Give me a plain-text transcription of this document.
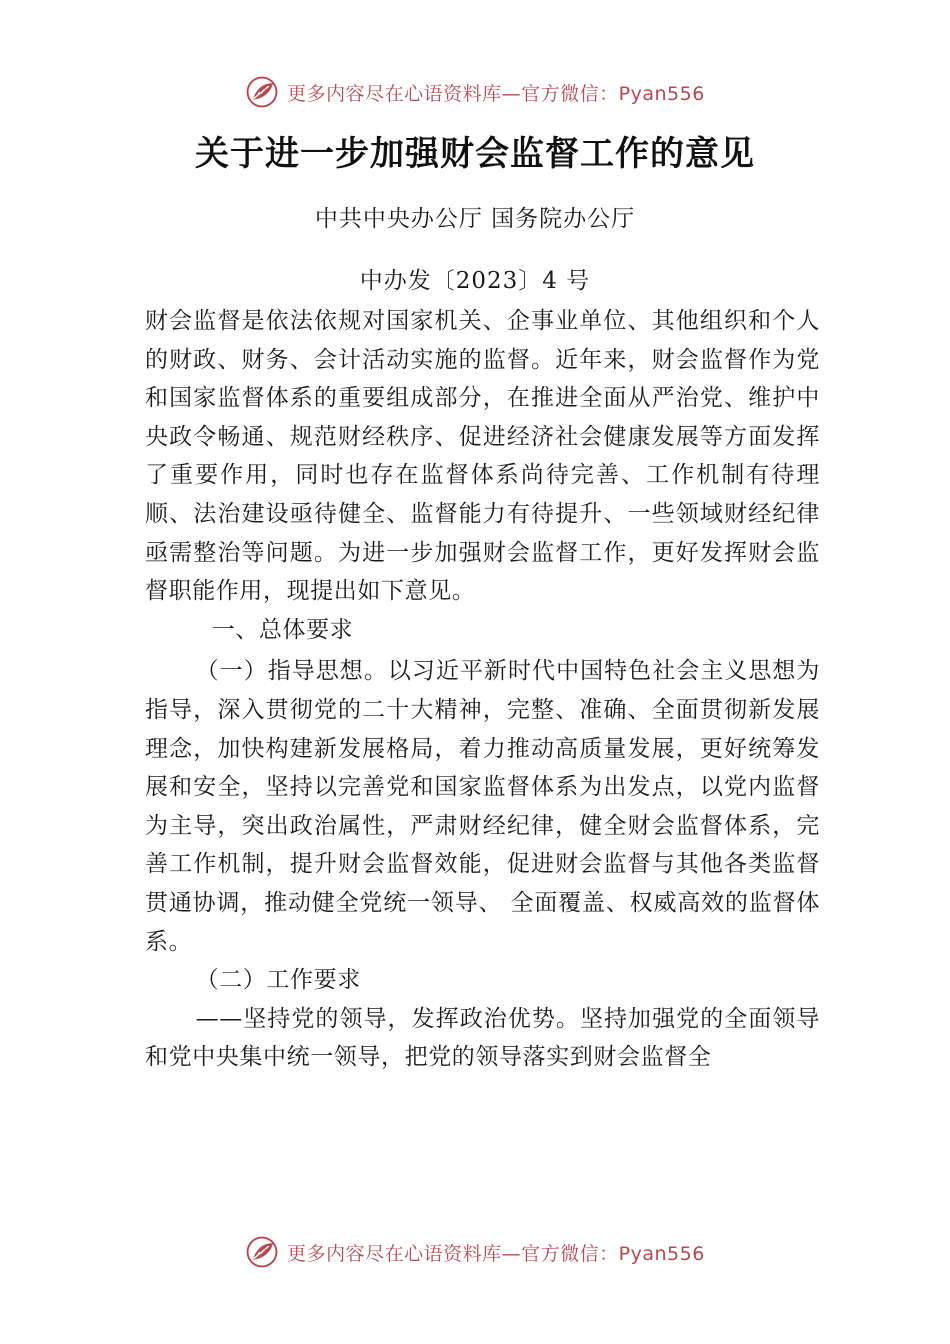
更多内容尽在心语资料库—官方微信：Pyan556
关于进一步加强财会监督工作的意见
中共中央办公厅 国务院办公厅
中办发〔2023〕4 号

财会监督是依法依规对国家机关、企事业单位、其他组织和个人的财政、财务、会计活动实施的监督。近年来，财会监督作为党和国家监督体系的重要组成部分，在推进全面从严治党、维护中央政令畅通、规范财经秩序、促进经济社会健康发展等方面发挥了重要作用，同时也存在监督体系尚待完善、工作机制有待理顺、法治建设亟待健全、监督能力有待提升、一些领域财经纪律亟需整治等问题。为进一步加强财会监督工作，更好发挥财会监督职能作用，现提出如下意见。

一、总体要求

（一）指导思想。以习近平新时代中国特色社会主义思想为指导，深入贯彻党的二十大精神，完整、准确、全面贯彻新发展理念，加快构建新发展格局，着力推动高质量发展，更好统筹发展和安全，坚持以完善党和国家监督体系为出发点，以党内监督为主导，突出政治属性，严肃财经纪律，健全财会监督体系，完善工作机制，提升财会监督效能，促进财会监督与其他各类监督贯通协调，推动健全党统一领导、 全面覆盖、权威高效的监督体系。

（二）工作要求

——坚持党的领导，发挥政治优势。坚持加强党的全面领导和党中央集中统一领导，把党的领导落实到财会监督全

更多内容尽在心语资料库—官方微信：Pyan556
